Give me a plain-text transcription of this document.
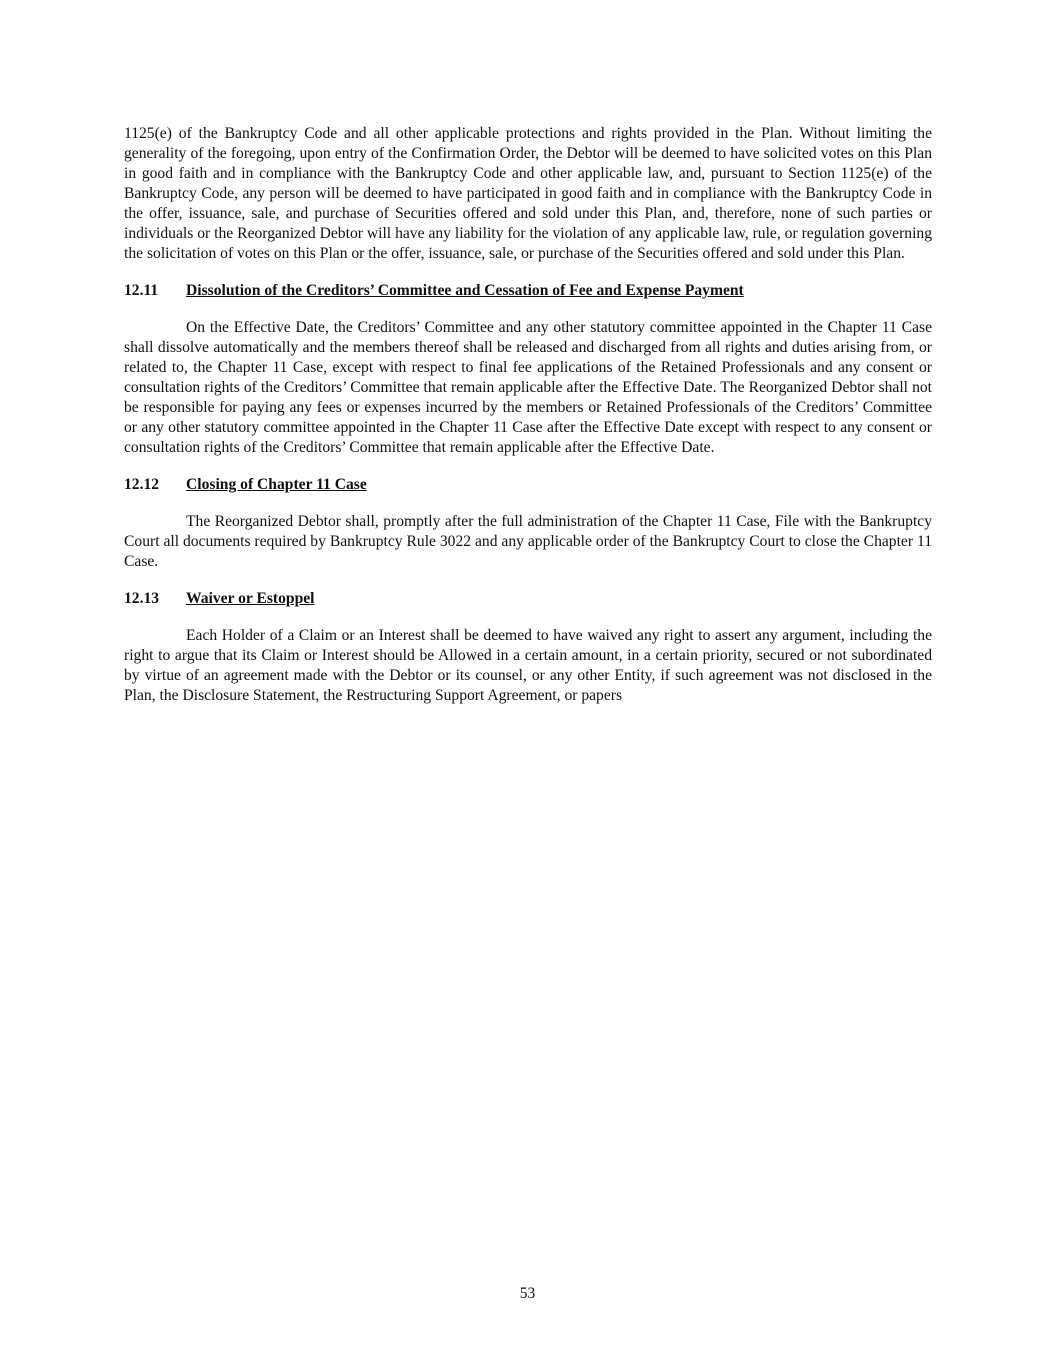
1125(e) of the Bankruptcy Code and all other applicable protections and rights provided in the Plan. Without limiting the generality of the foregoing, upon entry of the Confirmation Order, the Debtor will be deemed to have solicited votes on this Plan in good faith and in compliance with the Bankruptcy Code and other applicable law, and, pursuant to Section 1125(e) of the Bankruptcy Code, any person will be deemed to have participated in good faith and in compliance with the Bankruptcy Code in the offer, issuance, sale, and purchase of Securities offered and sold under this Plan, and, therefore, none of such parties or individuals or the Reorganized Debtor will have any liability for the violation of any applicable law, rule, or regulation governing the solicitation of votes on this Plan or the offer, issuance, sale, or purchase of the Securities offered and sold under this Plan.

12.11	Dissolution of the Creditors’ Committee and Cessation of Fee and Expense Payment

On the Effective Date, the Creditors’ Committee and any other statutory committee appointed in the Chapter 11 Case shall dissolve automatically and the members thereof shall be released and discharged from all rights and duties arising from, or related to, the Chapter 11 Case, except with respect to final fee applications of the Retained Professionals and any consent or consultation rights of the Creditors’ Committee that remain applicable after the Effective Date. The Reorganized Debtor shall not be responsible for paying any fees or expenses incurred by the members or Retained Professionals of the Creditors’ Committee or any other statutory committee appointed in the Chapter 11 Case after the Effective Date except with respect to any consent or consultation rights of the Creditors’ Committee that remain applicable after the Effective Date.

12.12	Closing of Chapter 11 Case

The Reorganized Debtor shall, promptly after the full administration of the Chapter 11 Case, File with the Bankruptcy Court all documents required by Bankruptcy Rule 3022 and any applicable order of the Bankruptcy Court to close the Chapter 11 Case.

12.13	Waiver or Estoppel

Each Holder of a Claim or an Interest shall be deemed to have waived any right to assert any argument, including the right to argue that its Claim or Interest should be Allowed in a certain amount, in a certain priority, secured or not subordinated by virtue of an agreement made with the Debtor or its counsel, or any other Entity, if such agreement was not disclosed in the Plan, the Disclosure Statement, the Restructuring Support Agreement, or papers

53
